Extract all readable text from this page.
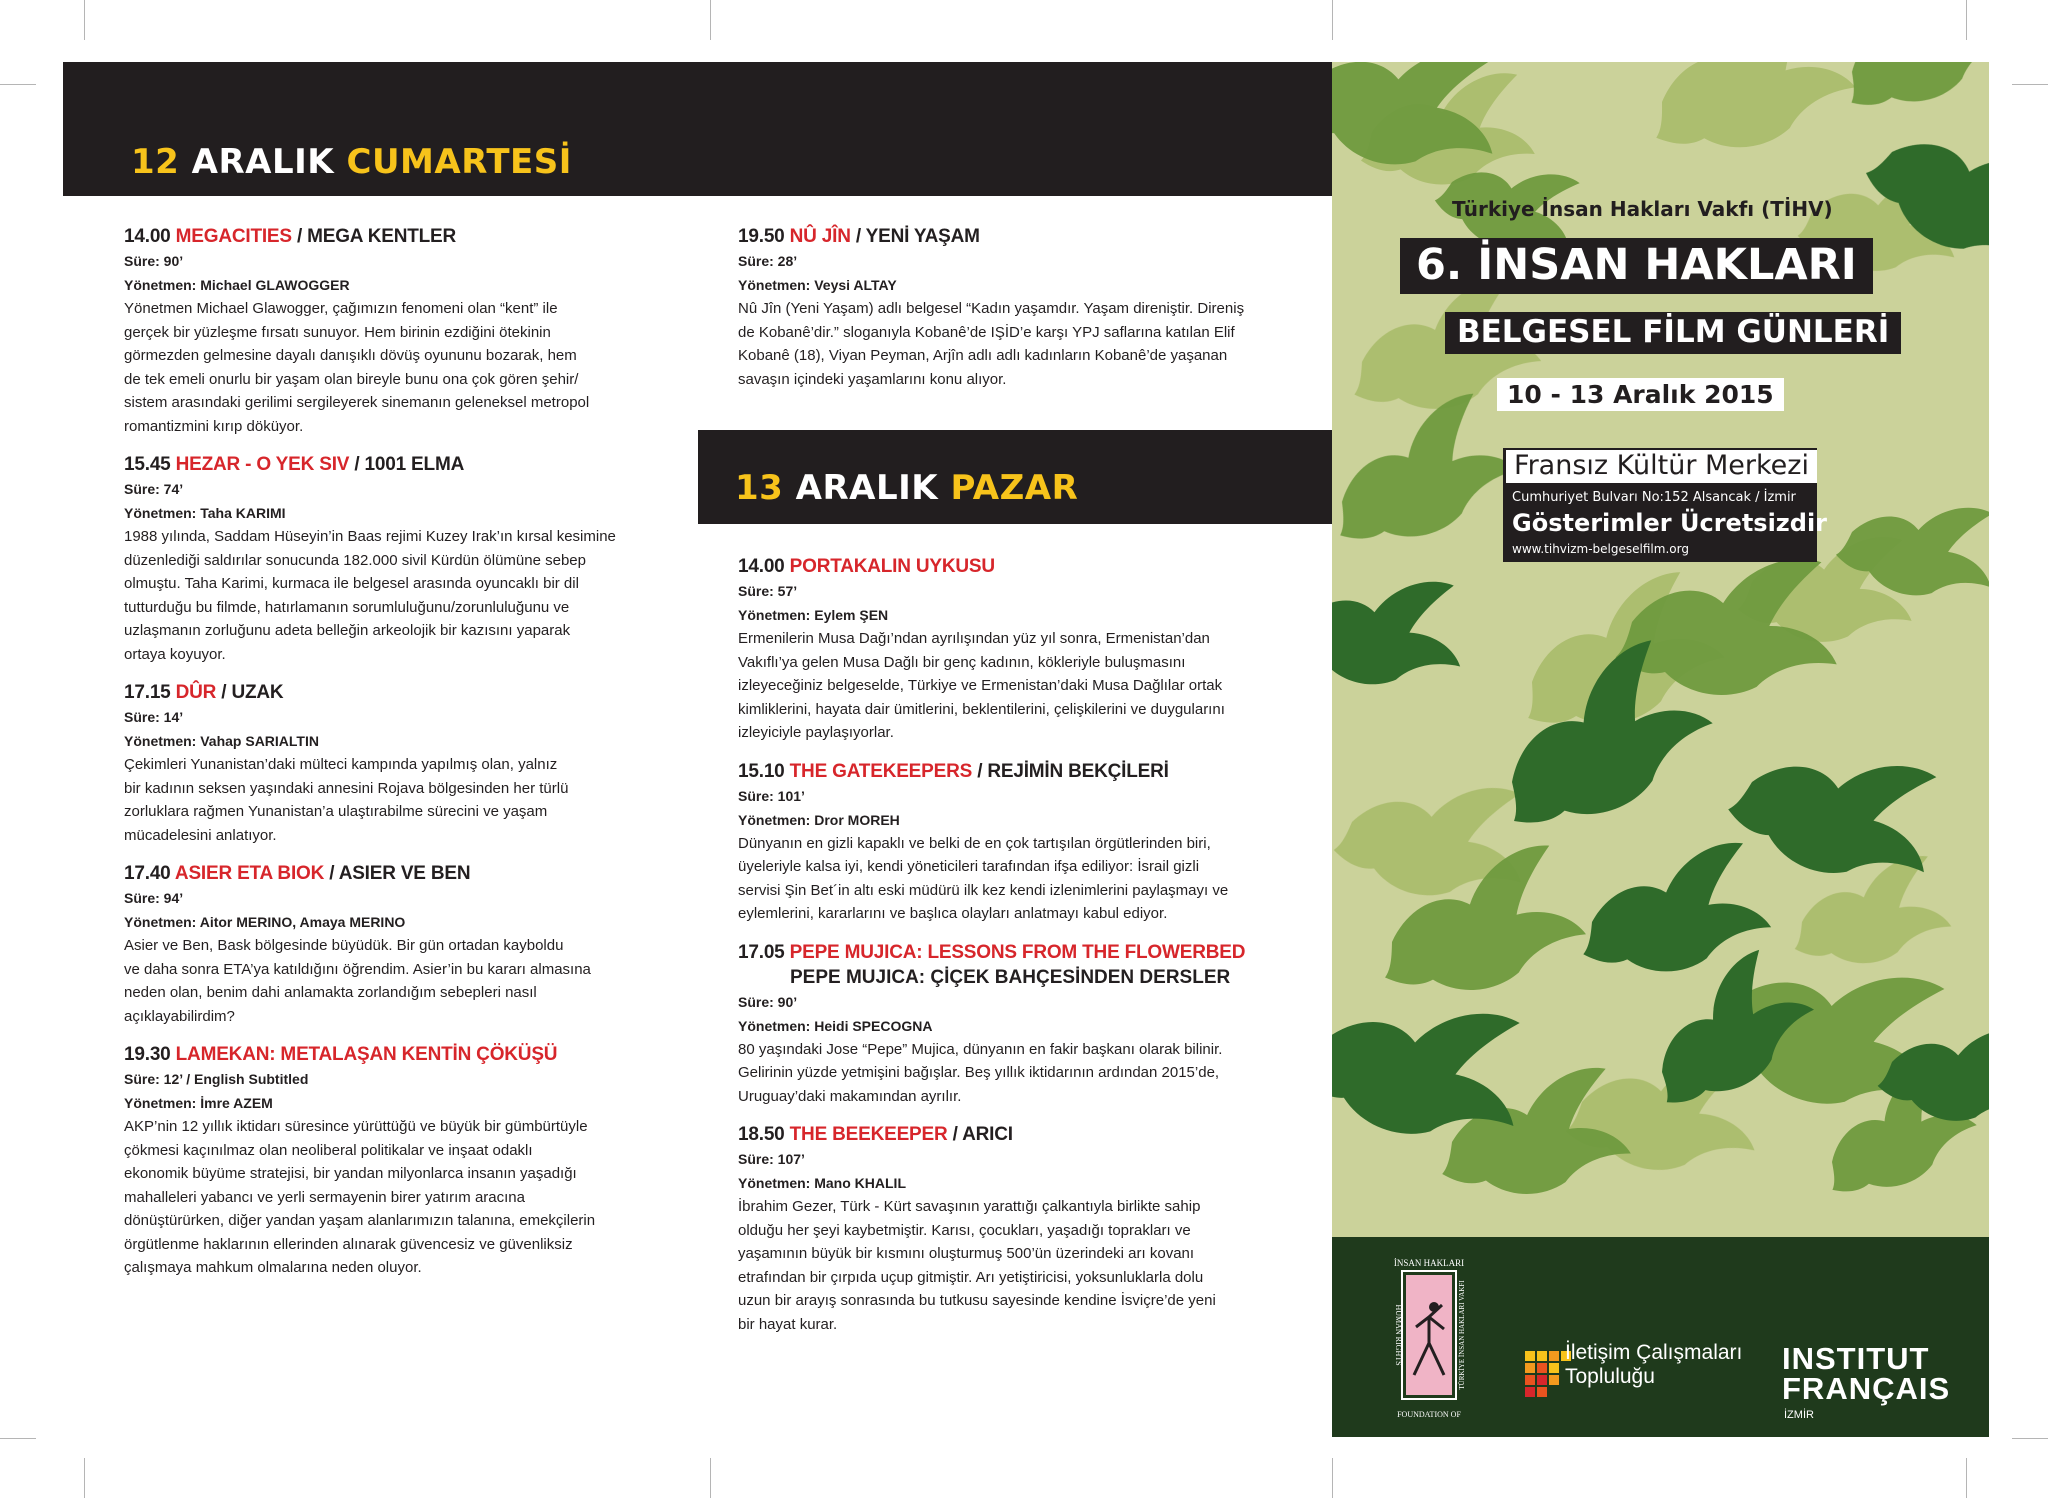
12 ARALIK CUMARTESİ
14.00 MEGACITIES / MEGA KENTLER
Süre: 90’
Yönetmen: Michael GLAWOGGER
Yönetmen Michael Glawogger, çağımızın fenomeni olan “kent” ile
gerçek bir yüzleşme fırsatı sunuyor. Hem birinin ezdiğini ötekinin
görmezden gelmesine dayalı danışıklı dövüş oyununu bozarak, hem
de tek emeli onurlu bir yaşam olan bireyle bunu ona çok gören şehir/
sistem arasındaki gerilimi sergileyerek sinemanın geleneksel metropol
romantizmini kırıp döküyor.
15.45 HEZAR - O YEK SIV / 1001 ELMA
Süre: 74’
Yönetmen: Taha KARIMI
1988 yılında, Saddam Hüseyin’in Baas rejimi Kuzey Irak’ın kırsal kesimine
düzenlediği saldırılar sonucunda 182.000 sivil Kürdün ölümüne sebep
olmuştu. Taha Karimi, kurmaca ile belgesel arasında oyuncaklı bir dil
tutturduğu bu filmde, hatırlamanın sorumluluğunu/zorunluluğunu ve
uzlaşmanın zorluğunu adeta belleğin arkeolojik bir kazısını yaparak
ortaya koyuyor.
17.15 DÛR / UZAK
Süre: 14’
Yönetmen: Vahap SARIALTIN
Çekimleri Yunanistan’daki mülteci kampında yapılmış olan, yalnız
bir kadının seksen yaşındaki annesini Rojava bölgesinden her türlü
zorluklara rağmen Yunanistan’a ulaştırabilme sürecini ve yaşam
mücadelesini anlatıyor.
17.40 ASIER ETA BIOK / ASIER VE BEN
Süre: 94’
Yönetmen: Aitor MERINO, Amaya MERINO
Asier ve Ben, Bask bölgesinde büyüdük. Bir gün ortadan kayboldu
ve daha sonra ETA’ya katıldığını öğrendim. Asier’in bu kararı almasına
neden olan, benim dahi anlamakta zorlandığım sebepleri nasıl
açıklayabilirdim?
19.30 LAMEKAN: METALAŞAN KENTİN ÇÖKÜŞÜ
Süre: 12’ / English Subtitled
Yönetmen: İmre AZEM
AKP’nin 12 yıllık iktidarı süresince yürüttüğü ve büyük bir gümbürtüyle
çökmesi kaçınılmaz olan neoliberal politikalar ve inşaat odaklı
ekonomik büyüme stratejisi, bir yandan milyonlarca insanın yaşadığı
mahalleleri yabancı ve yerli sermayenin birer yatırım aracına
dönüştürürken, diğer yandan yaşam alanlarımızın talanına, emekçilerin
örgütlenme haklarının ellerinden alınarak güvencesiz ve güvenliksiz
çalışmaya mahkum olmalarına neden oluyor.
19.50 NÛ JÎN / YENİ YAŞAM
Süre: 28’
Yönetmen: Veysi ALTAY
Nû Jîn (Yeni Yaşam) adlı belgesel “Kadın yaşamdır. Yaşam direniştir. Direniş
de Kobanê’dir.” sloganıyla Kobanê’de IŞİD’e karşı YPJ saflarına katılan Elif
Kobanê (18), Viyan Peyman, Arjîn adlı adlı kadınların Kobanê’de yaşanan
savaşın içindeki yaşamlarını konu alıyor.
13 ARALIK PAZAR
14.00 PORTAKALIN UYKUSU
Süre: 57’
Yönetmen: Eylem ŞEN
Ermenilerin Musa Dağı’ndan ayrılışından yüz yıl sonra, Ermenistan’dan
Vakıflı’ya gelen Musa Dağlı bir genç kadının, kökleriyle buluşmasını
izleyeceğiniz belgeselde, Türkiye ve Ermenistan’daki Musa Dağlılar ortak
kimliklerini, hayata dair ümitlerini, beklentilerini, çelişkilerini ve duygularını
izleyiciyle paylaşıyorlar.
15.10 THE GATEKEEPERS / REJİMİN BEKÇİLERİ
Süre: 101’
Yönetmen: Dror MOREH
Dünyanın en gizli kapaklı ve belki de en çok tartışılan örgütlerinden biri,
üyeleriyle kalsa iyi, kendi yöneticileri tarafından ifşa ediliyor: İsrail gizli
servisi Şin Bet´in altı eski müdürü ilk kez kendi izlenimlerini paylaşmayı ve
eylemlerini, kararlarını ve başlıca olayları anlatmayı kabul ediyor.
17.05 PEPE MUJICA: LESSONS FROM THE FLOWERBED
PEPE MUJICA: ÇİÇEK BAHÇESİNDEN DERSLER
Süre: 90’
Yönetmen: Heidi SPECOGNA
80 yaşındaki Jose “Pepe” Mujica, dünyanın en fakir başkanı olarak bilinir.
Gelirinin yüzde yetmişini bağışlar. Beş yıllık iktidarının ardından 2015’de,
Uruguay’daki makamından ayrılır.
18.50 THE BEEKEEPER / ARICI
Süre: 107’
Yönetmen: Mano KHALIL
İbrahim Gezer, Türk - Kürt savaşının yarattığı çalkantıyla birlikte sahip
olduğu her şeyi kaybetmiştir. Karısı, çocukları, yaşadığı toprakları ve
yaşamının büyük bir kısmını oluşturmuş 500’ün üzerindeki arı kovanı
etrafından bir çırpıda uçup gitmiştir. Arı yetiştiricisi, yoksunluklarla dolu
uzun bir arayış sonrasında bu tutkusu sayesinde kendine İsviçre’de yeni
bir hayat kurar.
Türkiye İnsan Hakları Vakfı (TİHV)
6. İNSAN HAKLARI
BELGESEL FİLM GÜNLERİ
10 - 13 Aralık 2015
Fransız Kültür Merkezi
Cumhuriyet Bulvarı No:152 Alsancak / İzmir
Gösterimler Ücretsizdir
www.tihvizm-belgeselfilm.org
İNSAN HAKLARI
FOUNDATION OF
HUMAN RIGHTS	TÜRKİYE İNSAN HAKLARI VAKFI	İletişim Çalışmaları
Topluluğu
INSTITUT
FRANÇAIS
İZMİR
